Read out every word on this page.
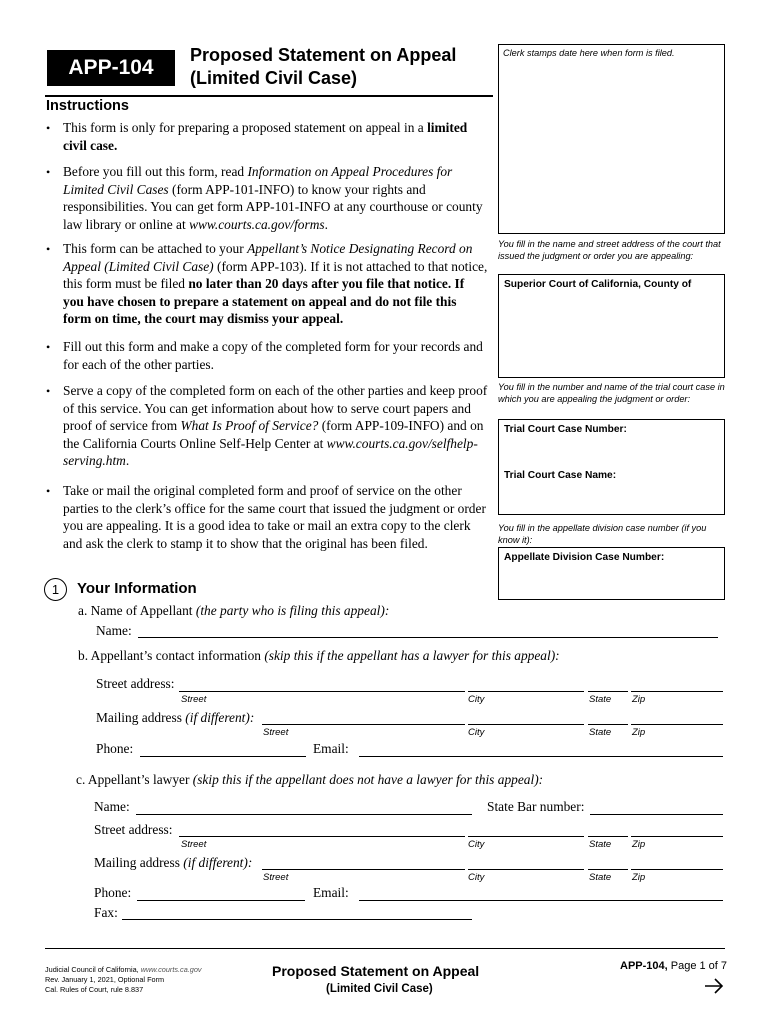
APP-104
Proposed Statement on Appeal
(Limited Civil Case)
Instructions
• This form is only for preparing a proposed statement on appeal in a limited civil case.
• Before you fill out this form, read Information on Appeal Procedures for Limited Civil Cases (form APP-101-INFO) to know your rights and responsibilities. You can get form APP-101-INFO at any courthouse or county law library or online at www.courts.ca.gov/forms.
• This form can be attached to your Appellant’s Notice Designating Record on Appeal (Limited Civil Case) (form APP-103). If it is not attached to that notice, this form must be filed no later than 20 days after you file that notice. If you have chosen to prepare a statement on appeal and do not file this form on time, the court may dismiss your appeal.
• Fill out this form and make a copy of the completed form for your records and for each of the other parties.
• Serve a copy of the completed form on each of the other parties and keep proof of this service. You can get information about how to serve court papers and proof of service from What Is Proof of Service? (form APP-109-INFO) and on the California Courts Online Self-Help Center at www.courts.ca.gov/selfhelp-serving.htm.
• Take or mail the original completed form and proof of service on the other parties to the clerk’s office for the same court that issued the judgment or order you are appealing. It is a good idea to take or mail an extra copy to the clerk and ask the clerk to stamp it to show that the original has been filed.
Clerk stamps date here when form is filed.
You fill in the name and street address of the court that issued the judgment or order you are appealing:
Superior Court of California, County of
You fill in the number and name of the trial court case in which you are appealing the judgment or order:
Trial Court Case Number:
Trial Court Case Name:
You fill in the appellate division case number (if you know it):
Appellate Division Case Number:
1	Your Information
a. Name of Appellant (the party who is filing this appeal):
Name:
b. Appellant’s contact information (skip this if the appellant has a lawyer for this appeal):
Street address:
Street	City	State Zip
Mailing address (if different):
Street	City	State Zip
Phone:	Email:
c. Appellant’s lawyer (skip this if the appellant does not have a lawyer for this appeal):
Name:	State Bar number:
Street address:
Street	City	State Zip
Mailing address (if different):
Street	City	State Zip
Phone:	Email:
Fax:
Judicial Council of California, www.courts.ca.gov
Rev. January 1, 2021, Optional Form
Cal. Rules of Court, rule 8.837
Proposed Statement on Appeal
(Limited Civil Case)
APP-104, Page 1 of 7
